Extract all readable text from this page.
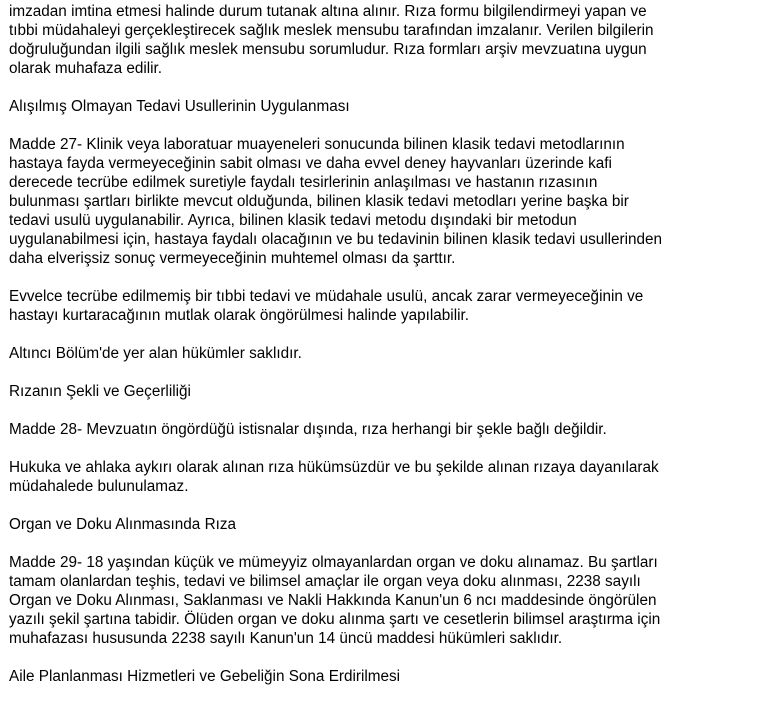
imzadan imtina etmesi halinde durum tutanak altına alınır. Rıza formu bilgilendirmeyi yapan ve
tıbbi müdahaleyi gerçekleştirecek sağlık meslek mensubu tarafından imzalanır. Verilen bilgilerin
doğruluğundan ilgili sağlık meslek mensubu sorumludur. Rıza formları arşiv mevzuatına uygun
olarak muhafaza edilir.

Alışılmış Olmayan Tedavi Usullerinin Uygulanması

Madde 27- Klinik veya laboratuar muayeneleri sonucunda bilinen klasik tedavi metodlarının
hastaya fayda vermeyeceğinin sabit olması ve daha evvel deney hayvanları üzerinde kafi
derecede tecrübe edilmek suretiyle faydalı tesirlerinin anlaşılması ve hastanın rızasının
bulunması şartları birlikte mevcut olduğunda, bilinen klasik tedavi metodları yerine başka bir
tedavi usulü uygulanabilir. Ayrıca, bilinen klasik tedavi metodu dışındaki bir metodun
uygulanabilmesi için, hastaya faydalı olacağının ve bu tedavinin bilinen klasik tedavi usullerinden
daha elverişsiz sonuç vermeyeceğinin muhtemel olması da şarttır.

Evvelce tecrübe edilmemiş bir tıbbi tedavi ve müdahale usulü, ancak zarar vermeyeceğinin ve
hastayı kurtaracağının mutlak olarak öngörülmesi halinde yapılabilir.

Altıncı Bölüm'de yer alan hükümler saklıdır.

Rızanın Şekli ve Geçerliliği

Madde 28- Mevzuatın öngördüğü istisnalar dışında, rıza herhangi bir şekle bağlı değildir.

Hukuka ve ahlaka aykırı olarak alınan rıza hükümsüzdür ve bu şekilde alınan rızaya dayanılarak
müdahalede bulunulamaz.

Organ ve Doku Alınmasında Rıza

Madde 29- 18 yaşından küçük ve mümeyyiz olmayanlardan organ ve doku alınamaz. Bu şartları
tamam olanlardan teşhis, tedavi ve bilimsel amaçlar ile organ veya doku alınması, 2238 sayılı
Organ ve Doku Alınması, Saklanması ve Nakli Hakkında Kanun'un 6 ncı maddesinde öngörülen
yazılı şekil şartına tabidir. Ölüden organ ve doku alınma şartı ve cesetlerin bilimsel araştırma için
muhafazası hususunda 2238 sayılı Kanun'un 14 üncü maddesi hükümleri saklıdır.

Aile Planlanması Hizmetleri ve Gebeliğin Sona Erdirilmesi
